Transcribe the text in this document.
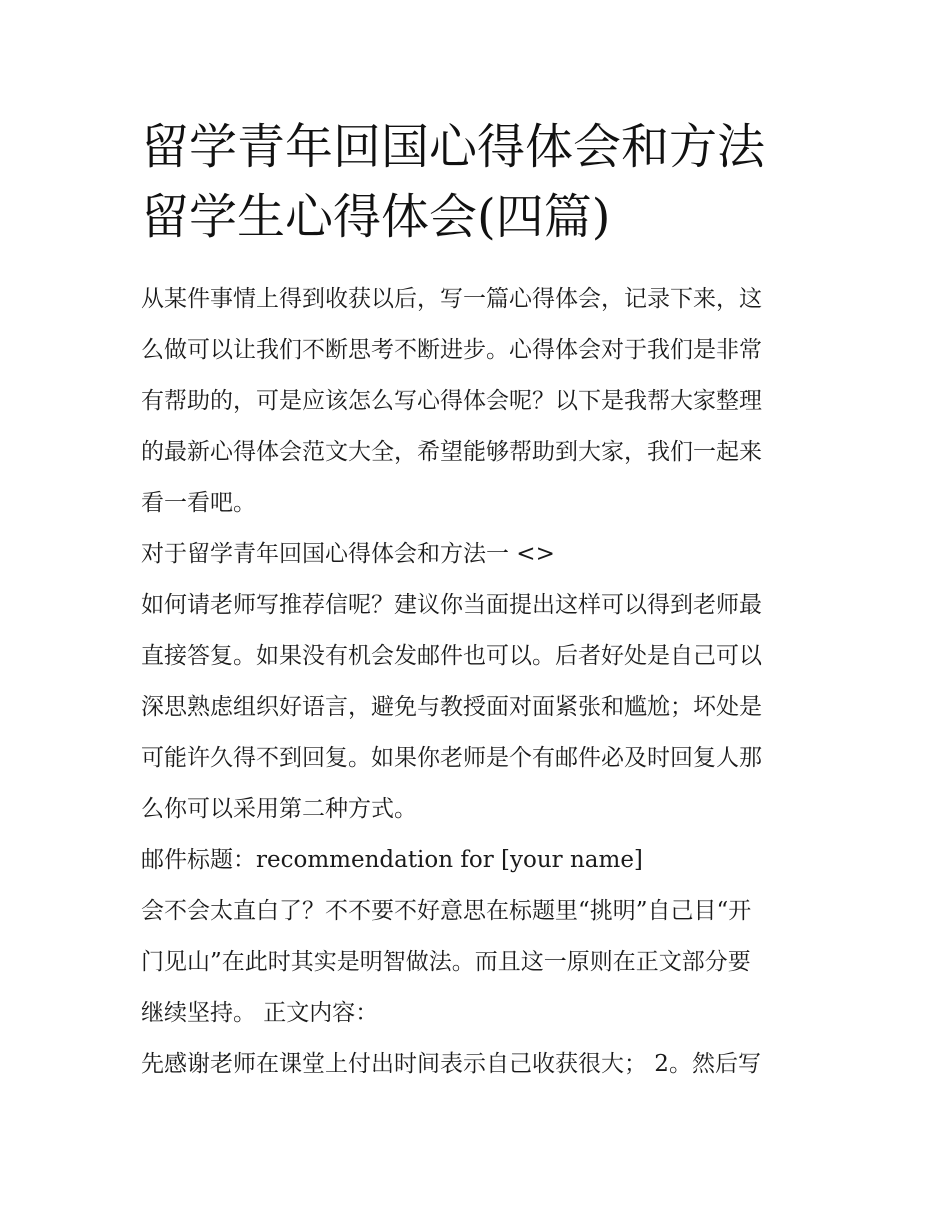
留学青年回国心得体会和方法
留学生心得体会(四篇)

从某件事情上得到收获以后，写一篇心得体会，记录下来，这
么做可以让我们不断思考不断进步。心得体会对于我们是非常
有帮助的，可是应该怎么写心得体会呢？以下是我帮大家整理
的最新心得体会范文大全，希望能够帮助到大家，我们一起来
看一看吧。

对于留学青年回国心得体会和方法一 <>

如何请老师写推荐信呢？建议你当面提出这样可以得到老师最
直接答复。如果没有机会发邮件也可以。后者好处是自己可以
深思熟虑组织好语言，避免与教授面对面紧张和尴尬；坏处是
可能许久得不到回复。如果你老师是个有邮件必及时回复人那
么你可以采用第二种方式。

邮件标题：recommendation for [your name]

会不会太直白了？不不要不好意思在标题里“挑明”自己目“开
门见山”在此时其实是明智做法。而且这一原则在正文部分要
继续坚持。 正文内容：

先感谢老师在课堂上付出时间表示自己收获很大； 2。然后写
